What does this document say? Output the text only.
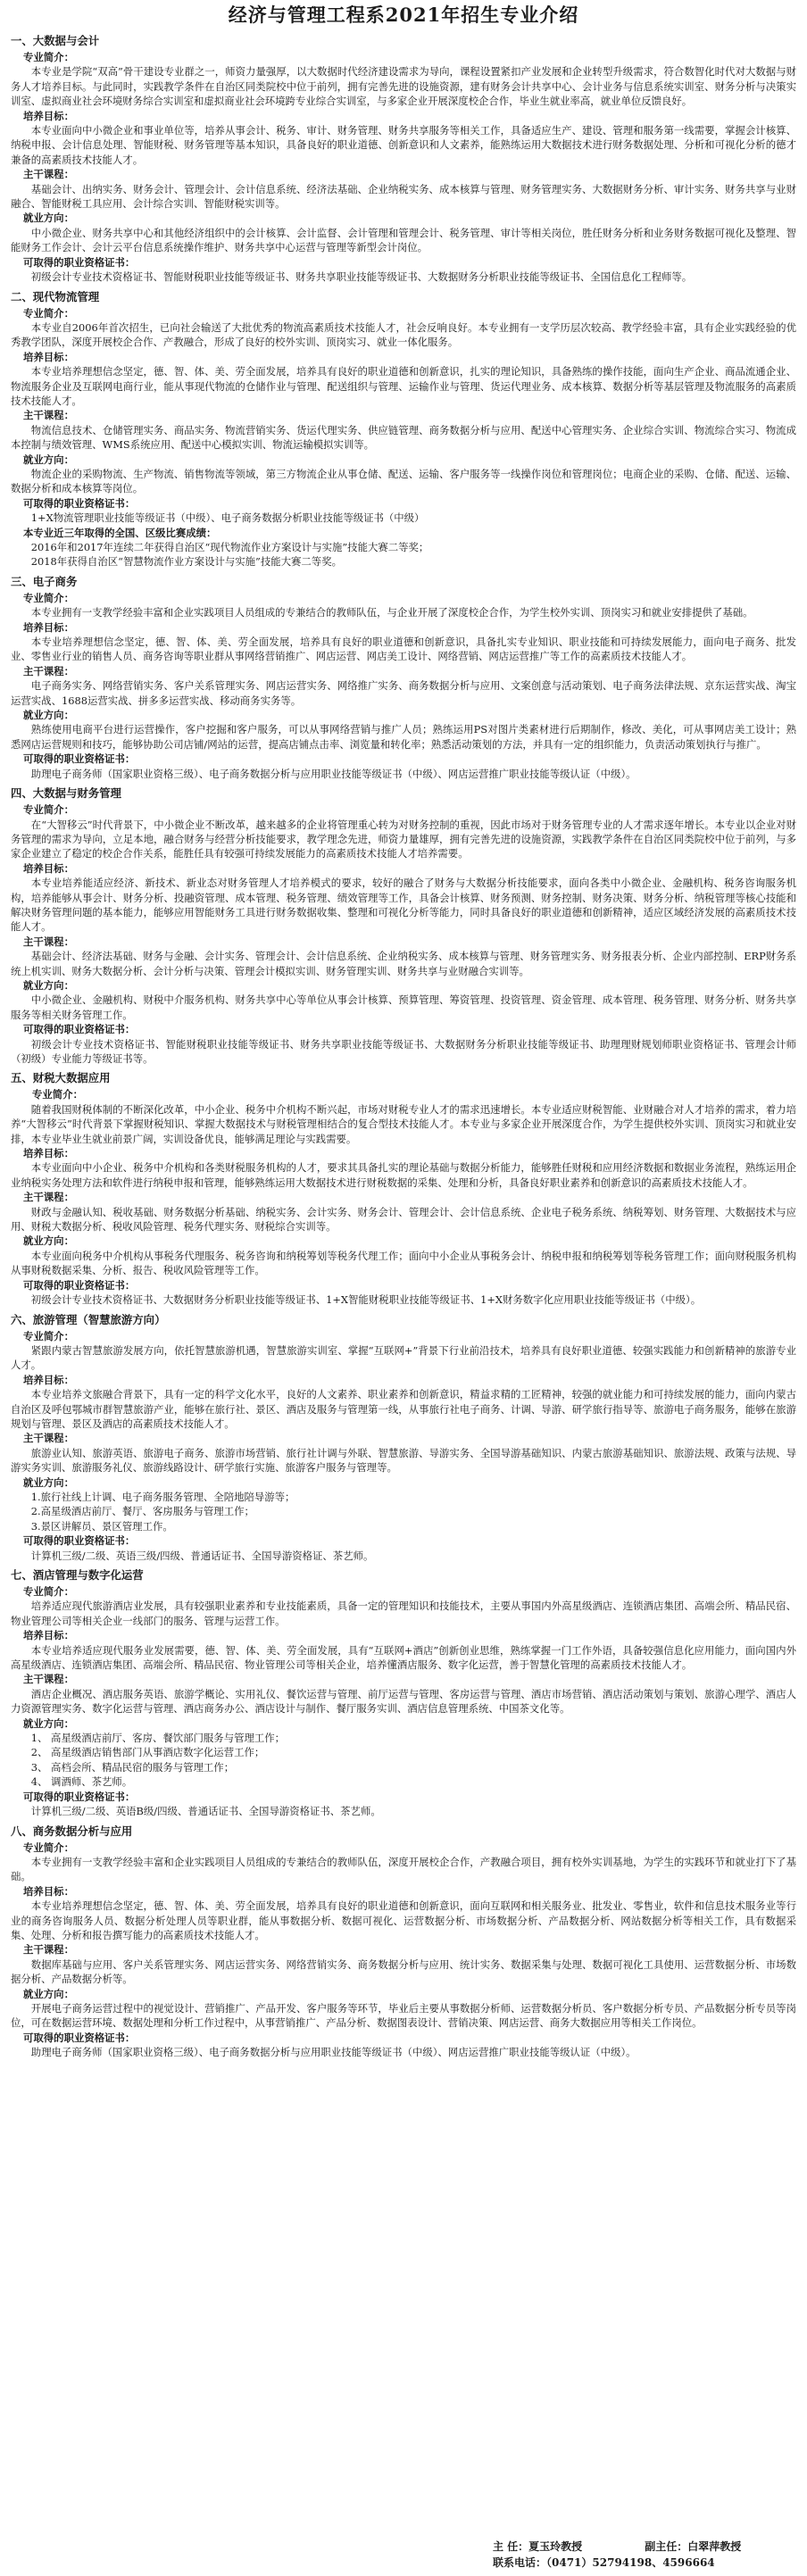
经济与管理工程系2021年招生专业介绍
一、大数据与会计
专业简介：
本专业是学院“双高”骨干建设专业群之一，师资力量强厚，以大数据时代经济建设需求为导向，课程设置紧扣产业发展和企业转型升级需求，符合数智化时代对大数据与财务人才培养目标。与此同时，实践教学条件在自治区同类院校中位于前列，拥有完善先进的设施资源，建有财务会计共享中心、会计业务与信息系统实训室、财务分析与决策实训室、虚拟商业社会环境财务综合实训室和虚拟商业社会环境跨专业综合实训室，与多家企业开展深度校企合作，毕业生就业率高，就业单位反馈良好。
培养目标：
本专业面向中小微企业和事业单位等，培养从事会计、税务、审计、财务管理、财务共享服务等相关工作，具备适应生产、建设、管理和服务第一线需要，掌握会计核算、纳税申报、会计信息处理、智能财税、财务管理等基本知识，具备良好的职业道德、创新意识和人文素养，能熟练运用大数据技术进行财务数据处理、分析和可视化分析的德才兼备的高素质技术技能人才。
主干课程：
基础会计、出纳实务、财务会计、管理会计、会计信息系统、经济法基础、企业纳税实务、成本核算与管理、财务管理实务、大数据财务分析、审计实务、财务共享与业财融合、智能财税工具应用、会计综合实训、智能财税实训等。
就业方向：
中小微企业、财务共享中心和其他经济组织中的会计核算、会计监督、会计管理和管理会计、税务管理、审计等相关岗位，胜任财务分析和业务财务数据可视化及整理、智能财务工作会计、会计云平台信息系统操作维护、财务共享中心运营与管理等新型会计岗位。
可取得的职业资格证书：
初级会计专业技术资格证书、智能财税职业技能等级证书、财务共享职业技能等级证书、大数据财务分析职业技能等级证书、全国信息化工程师等。
二、现代物流管理
专业简介：
本专业自2006年首次招生，已向社会输送了大批优秀的物流高素质技术技能人才，社会反响良好。本专业拥有一支学历层次较高、教学经验丰富，具有企业实践经验的优秀教学团队，深度开展校企合作、产教融合，形成了良好的校外实训、顶岗实习、就业一体化服务。
培养目标：
本专业培养理想信念坚定，德、智、体、美、劳全面发展，培养具有良好的职业道德和创新意识，扎实的理论知识，具备熟练的操作技能，面向生产企业、商品流通企业、物流服务企业及互联网电商行业，能从事现代物流的仓储作业与管理、配送组织与管理、运输作业与管理、货运代理业务、成本核算、数据分析等基层管理及物流服务的高素质技术技能人才。
主干课程：
物流信息技术、仓储管理实务、商品实务、物流营销实务、货运代理实务、供应链管理、商务数据分析与应用、配送中心管理实务、企业综合实训、物流综合实习、物流成本控制与绩效管理、WMS系统应用、配送中心模拟实训、物流运输模拟实训等。
就业方向：
物流企业的采购物流、生产物流、销售物流等领域，第三方物流企业从事仓储、配送、运输、客户服务等一线操作岗位和管理岗位；电商企业的采购、仓储、配送、运输、数据分析和成本核算等岗位。
可取得的职业资格证书：
1+X物流管理职业技能等级证书（中级）、电子商务数据分析职业技能等级证书（中级）
本专业近三年取得的全国、区级比赛成绩：
2016年和2017年连续二年获得自治区“现代物流作业方案设计与实施”技能大赛二等奖；
2018年获得自治区“智慧物流作业方案设计与实施”技能大赛二等奖。
三、电子商务
专业简介：
本专业拥有一支教学经验丰富和企业实践项目人员组成的专兼结合的教师队伍，与企业开展了深度校企合作，为学生校外实训、顶岗实习和就业安排提供了基础。
培养目标：
本专业培养理想信念坚定，德、智、体、美、劳全面发展，培养具有良好的职业道德和创新意识，具备扎实专业知识、职业技能和可持续发展能力，面向电子商务、批发业、零售业行业的销售人员、商务咨询等职业群从事网络营销推广、网店运营、网店美工设计、网络营销、网店运营推广等工作的高素质技术技能人才。
主干课程：
电子商务实务、网络营销实务、客户关系管理实务、网店运营实务、网络推广实务、商务数据分析与应用、文案创意与活动策划、电子商务法律法规、京东运营实战、淘宝运营实战、1688运营实战、拼多多运营实战、移动商务实务等。
就业方向：
熟练使用电商平台进行运营操作，客户挖掘和客户服务，可以从事网络营销与推广人员；熟练运用PS对图片类素材进行后期制作，修改、美化，可从事网店美工设计；熟悉网店运营规则和技巧，能够协助公司店铺/网站的运营，提高店铺点击率、浏览量和转化率；熟悉活动策划的方法，并具有一定的组织能力，负责活动策划执行与推广。
可取得的职业资格证书：
助理电子商务师（国家职业资格三级）、电子商务数据分析与应用职业技能等级证书（中级）、网店运营推广职业技能等级认证（中级）。
四、大数据与财务管理
专业简介：
在“大智移云”时代背景下，中小微企业不断改革，越来越多的企业将管理重心转为对财务控制的重视，因此市场对于财务管理专业的人才需求逐年增长。本专业以企业对财务管理的需求为导向，立足本地，融合财务与经营分析技能要求，教学理念先进，师资力量雄厚，拥有完善先进的设施资源，实践教学条件在自治区同类院校中位于前列，与多家企业建立了稳定的校企合作关系，能胜任具有较强可持续发展能力的高素质技术技能人才培养需要。
培养目标：
本专业培养能适应经济、新技术、新业态对财务管理人才培养模式的要求，较好的融合了财务与大数据分析技能要求，面向各类中小微企业、金融机构、税务咨询服务机构，培养能够从事会计、财务分析、投融资管理、成本管理、税务管理、绩效管理等工作，具备会计核算、财务预测、财务控制、财务决策、财务分析、纳税管理等核心技能和解决财务管理问题的基本能力，能够应用智能财务工具进行财务数据收集、整理和可视化分析等能力，同时具备良好的职业道德和创新精神，适应区域经济发展的高素质技术技能人才。
主干课程：
基础会计、经济法基础、财务与金融、会计实务、管理会计、会计信息系统、企业纳税实务、成本核算与管理、财务管理实务、财务报表分析、企业内部控制、ERP财务系统上机实训、财务大数据分析、会计分析与决策、管理会计模拟实训、财务管理实训、财务共享与业财融合实训等。
就业方向：
中小微企业、金融机构、财税中介服务机构、财务共享中心等单位从事会计核算、预算管理、筹资管理、投资管理、资金管理、成本管理、税务管理、财务分析、财务共享服务等相关财务管理工作。
可取得的职业资格证书：
初级会计专业技术资格证书、智能财税职业技能等级证书、财务共享职业技能等级证书、大数据财务分析职业技能等级证书、助理理财规划师职业资格证书、管理会计师（初级）专业能力等级证书等。
五、财税大数据应用
专业简介：
随着我国财税体制的不断深化改革，中小企业、税务中介机构不断兴起，市场对财税专业人才的需求迅速增长。本专业适应财税智能、业财融合对人才培养的需求，着力培养“大智移云”时代背景下掌握财税知识、掌握大数据技术与财税管理相结合的复合型技术技能人才。本专业与多家企业开展深度合作，为学生提供校外实训、顶岗实习和就业安排，本专业毕业生就业前景广阔，实训设备优良，能够满足理论与实践需要。
培养目标：
本专业面向中小企业、税务中介机构和各类财税服务机构的人才，要求其具备扎实的理论基础与数据分析能力，能够胜任财税和应用经济数据和数据业务流程，熟练运用企业纳税实务处理方法和软件进行纳税申报和管理，能够熟练运用大数据技术进行财税数据的采集、处理和分析，具备良好职业素养和创新意识的高素质技术技能人才。
主干课程：
财政与金融认知、税收基础、财务数据分析基础、纳税实务、会计实务、财务会计、管理会计、会计信息系统、企业电子税务系统、纳税筹划、财务管理、大数据技术与应用、财税大数据分析、税收风险管理、税务代理实务、财税综合实训等。
就业方向：
本专业面向税务中介机构从事税务代理服务、税务咨询和纳税筹划等税务代理工作；面向中小企业从事税务会计、纳税申报和纳税筹划等税务管理工作；面向财税服务机构从事财税数据采集、分析、报告、税收风险管理等工作。
可取得的职业资格证书：
初级会计专业技术资格证书、大数据财务分析职业技能等级证书、1+X智能财税职业技能等级证书、1+X财务数字化应用职业技能等级证书（中级）。
六、旅游管理（智慧旅游方向）
专业简介：
紧跟内蒙古智慧旅游发展方向，依托智慧旅游机遇，智慧旅游实训室、掌握“互联网+”背景下行业前沿技术，培养具有良好职业道德、较强实践能力和创新精神的旅游专业人才。
培养目标：
本专业培养文旅融合背景下，具有一定的科学文化水平，良好的人文素养、职业素养和创新意识，精益求精的工匠精神，较强的就业能力和可持续发展的能力，面向内蒙古自治区及呼包鄂城市群智慧旅游产业，能够在旅行社、景区、酒店及服务与管理第一线，从事旅行社电子商务、计调、导游、研学旅行指导等、旅游电子商务服务，能够在旅游规划与管理、景区及酒店的高素质技术技能人才。
主干课程：
旅游业认知、旅游英语、旅游电子商务、旅游市场营销、旅行社计调与外联、智慧旅游、导游实务、全国导游基础知识、内蒙古旅游基础知识、旅游法规、政策与法规、导游实务实训、旅游服务礼仪、旅游线路设计、研学旅行实施、旅游客户服务与管理等。
就业方向：
1.旅行社线上计调、电子商务服务管理、全陪地陪导游等；
2.高星级酒店前厅、餐厅、客房服务与管理工作；
3.景区讲解员、景区管理工作。
可取得的职业资格证书：
计算机三级/二级、英语三级/四级、普通话证书、全国导游资格证、茶艺师。
七、酒店管理与数字化运营
专业简介：
培养适应现代旅游酒店业发展，具有较强职业素养和专业技能素质，具备一定的管理知识和技能技术，主要从事国内外高星级酒店、连锁酒店集团、高端会所、精品民宿、物业管理公司等相关企业一线部门的服务、管理与运营工作。
培养目标：
本专业培养适应现代服务业发展需要，德、智、体、美、劳全面发展，具有“互联网+酒店”创新创业思维，熟练掌握一门工作外语，具备较强信息化应用能力，面向国内外高星级酒店、连锁酒店集团、高端会所、精品民宿、物业管理公司等相关企业，培养懂酒店服务、数字化运营，善于智慧化管理的高素质技术技能人才。
主干课程：
酒店企业概况、酒店服务英语、旅游学概论、实用礼仪、餐饮运营与管理、前厅运营与管理、客房运营与管理、酒店市场营销、酒店活动策划与策划、旅游心理学、酒店人力资源管理实务、数字化运营与管理、酒店商务办公、酒店设计与制作、餐厅服务实训、酒店信息管理系统、中国茶文化等。
就业方向：
1、 高星级酒店前厅、客房、餐饮部门服务与管理工作；
2、 高星级酒店销售部门从事酒店数字化运营工作；
3、 高档会所、精品民宿的服务与管理工作；
4、 调酒师、茶艺师。
可取得的职业资格证书：
计算机三级/二级、英语B级/四级、普通话证书、全国导游资格证书、茶艺师。
八、商务数据分析与应用
专业简介：
本专业拥有一支教学经验丰富和企业实践项目人员组成的专兼结合的教师队伍，深度开展校企合作，产教融合项目，拥有校外实训基地，为学生的实践环节和就业打下了基础。
培养目标：
本专业培养理想信念坚定，德、智、体、美、劳全面发展，培养具有良好的职业道德和创新意识，面向互联网和相关服务业、批发业、零售业，软件和信息技术服务业等行业的商务咨询服务人员、数据分析处理人员等职业群，能从事数据分析、数据可视化、运营数据分析、市场数据分析、产品数据分析、网站数据分析等相关工作，具有数据采集、处理、分析和报告撰写能力的高素质技术技能人才。
主干课程：
数据库基础与应用、客户关系管理实务、网店运营实务、网络营销实务、商务数据分析与应用、统计实务、数据采集与处理、数据可视化工具使用、运营数据分析、市场数据分析、产品数据分析等。
就业方向：
开展电子商务运营过程中的视觉设计、营销推广、产品开发、客户服务等环节，毕业后主要从事数据分析师、运营数据分析员、客户数据分析专员、产品数据分析专员等岗位，可在数据运营环境、数据处理和分析工作过程中，从事营销推广、产品分析、数据图表设计、营销决策、网店运营、商务大数据应用等相关工作岗位。
可取得的职业资格证书：
助理电子商务师（国家职业资格三级）、电子商务数据分析与应用职业技能等级证书（中级）、网店运营推广职业技能等级认证（中级）。
主 任：夏玉玲教授	副主任：白翠萍教授
联系电话：（0471）52794198、4596664
